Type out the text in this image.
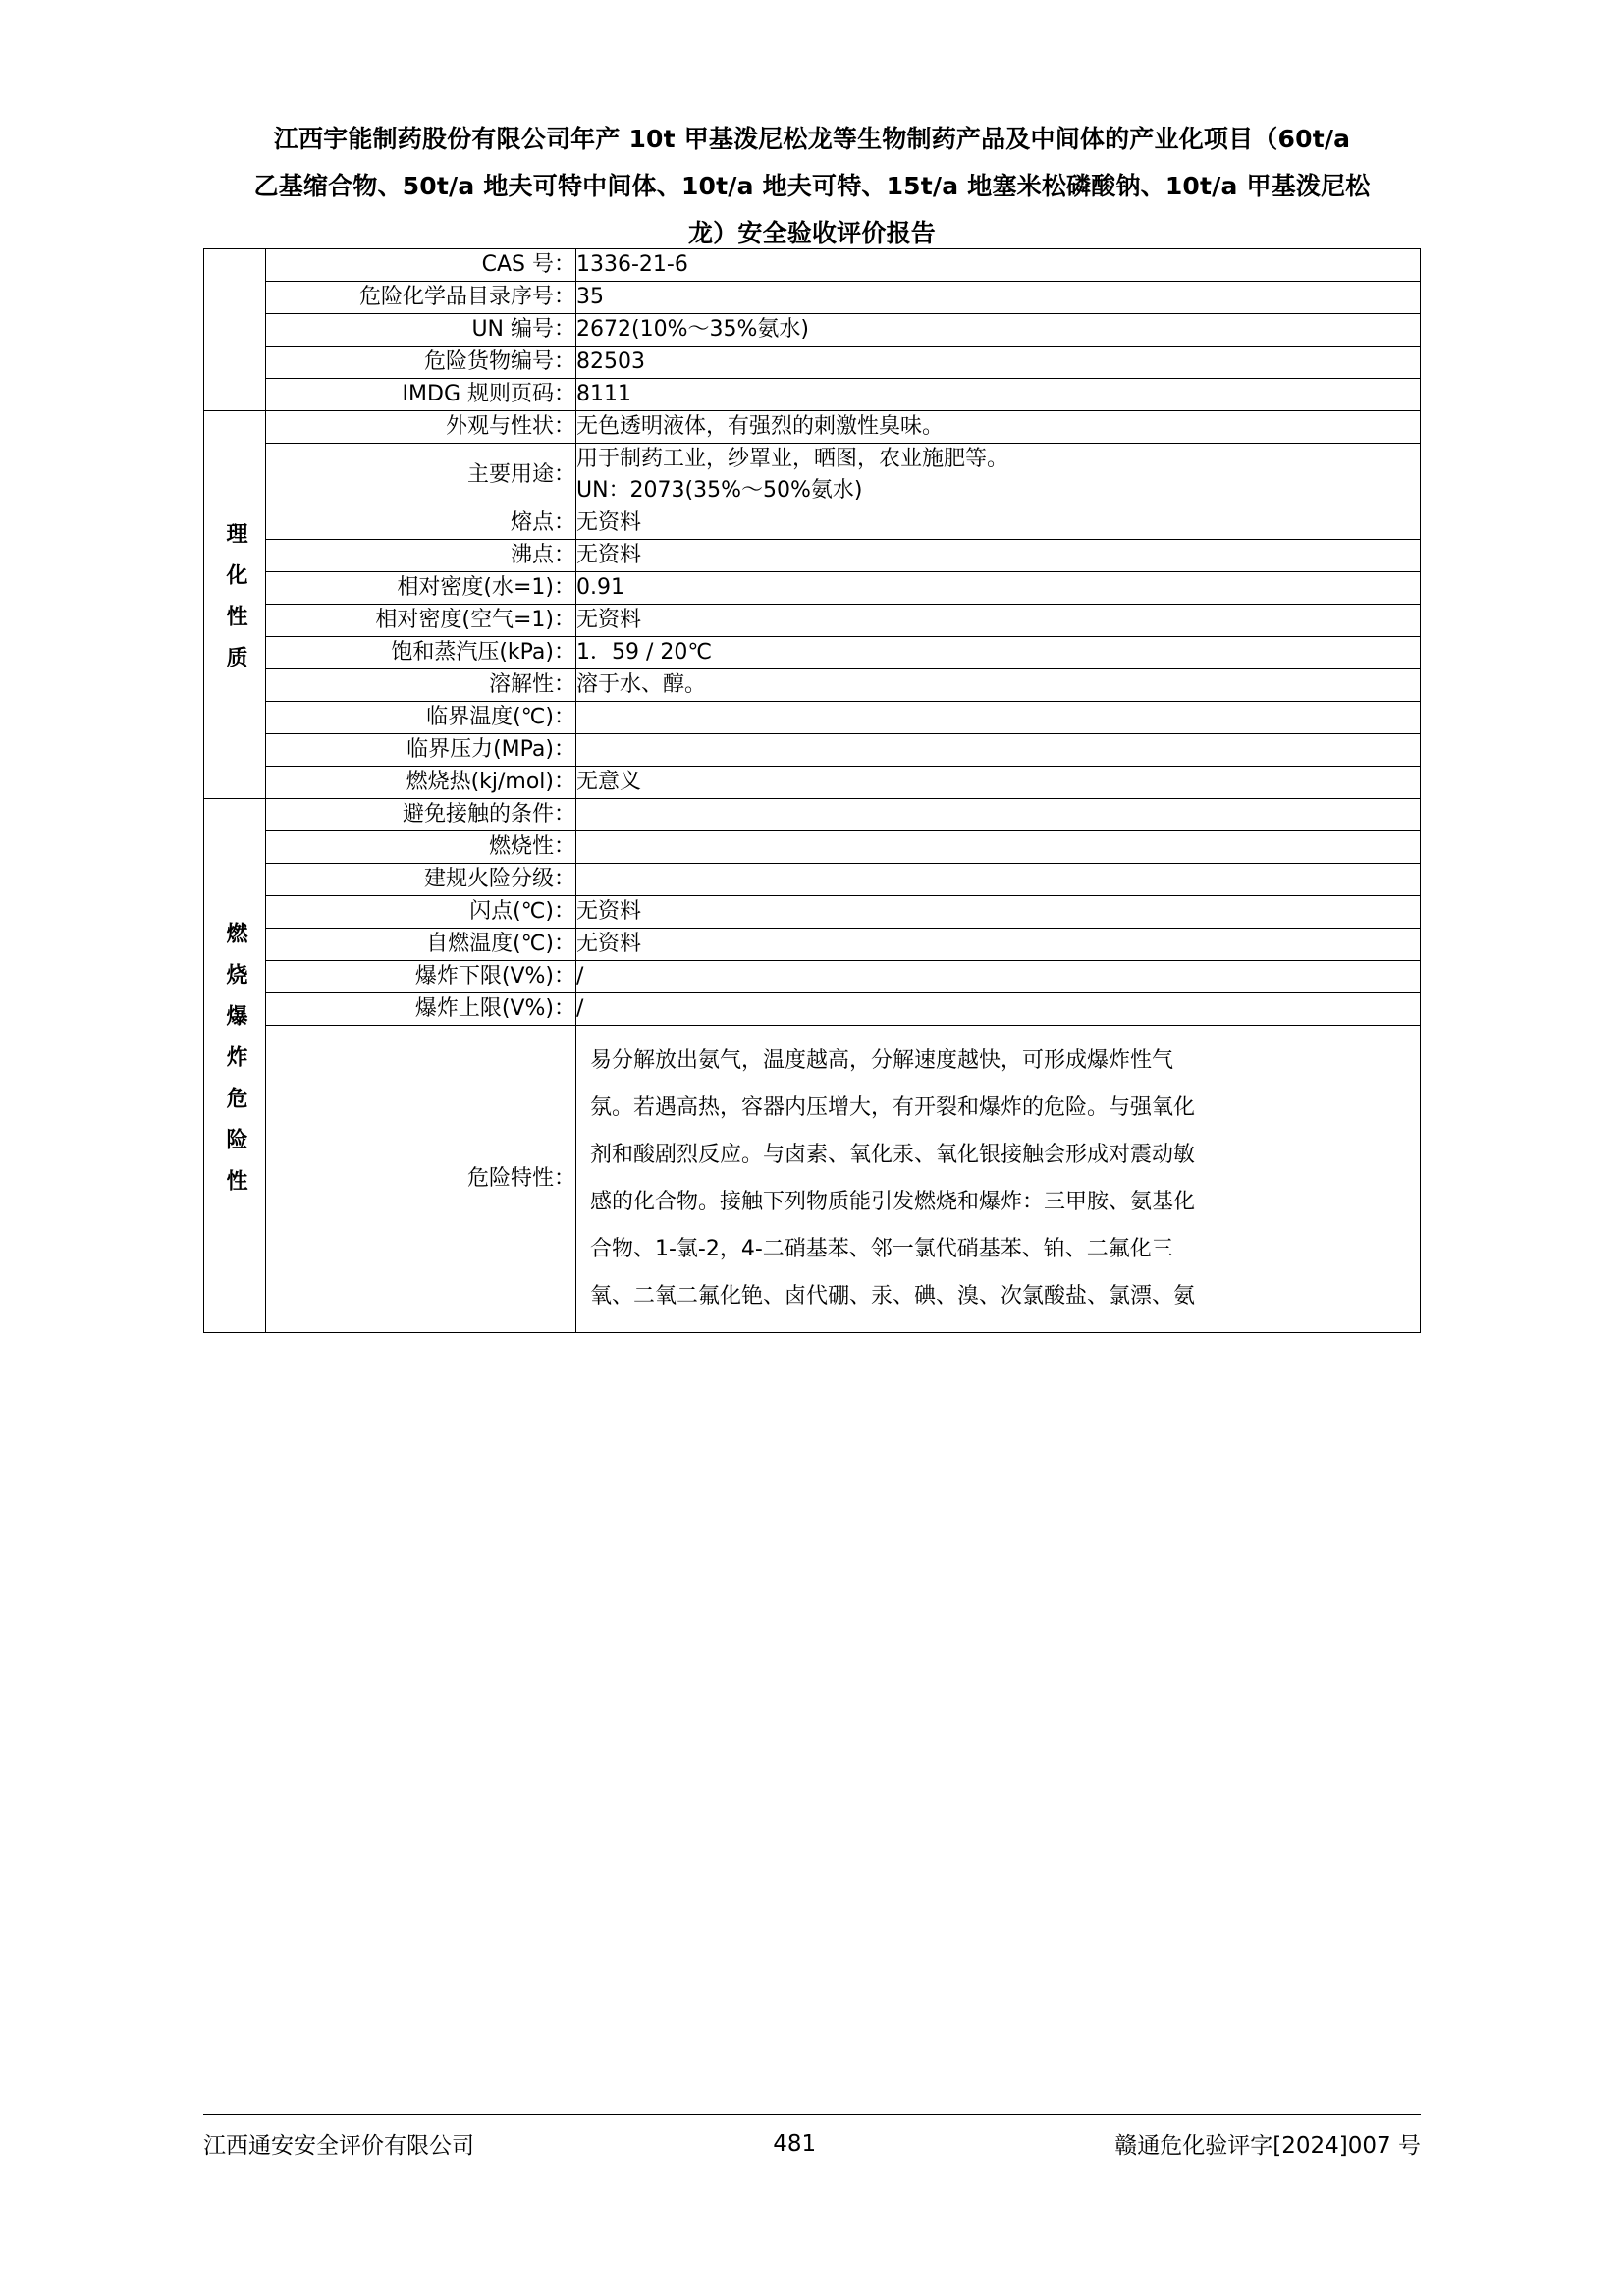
江西宇能制药股份有限公司年产 10t 甲基泼尼松龙等生物制药产品及中间体的产业化项目（60t/a
乙基缩合物、50t/a 地夫可特中间体、10t/a 地夫可特、15t/a 地塞米松磷酸钠、10t/a 甲基泼尼松
龙）安全验收评价报告
	CAS 号：	1336-21-6
	危险化学品目录序号：	35
	UN 编号：	2672(10%～35%氨水)
	危险货物编号：	82503
	IMDG 规则页码：	8111

理化性质	外观与性状：	无色透明液体，有强烈的刺激性臭味。
	主要用途：	用于制药工业，纱罩业，晒图，农业施肥等。
UN：2073(35%～50%氨水)

	熔点：	无资料
	沸点：	无资料
	相对密度(水=1)：	0.91
	相对密度(空气=1)：	无资料
	饱和蒸汽压(kPa)：	1．59 / 20℃
	溶解性：	溶于水、醇。
	临界温度(℃)：	
	临界压力(MPa)：	
	燃烧热(kj/mol)：	无意义

燃烧爆炸危险性	避免接触的条件：	
	燃烧性：	
	建规火险分级：	
	闪点(℃)：	无资料
	自燃温度(℃)：	无资料
	爆炸下限(V%)：	/
	爆炸上限(V%)：	/
危险特性：	
易分解放出氨气，温度越高，分解速度越快，可形成爆炸性气
氛。若遇高热，容器内压增大，有开裂和爆炸的危险。与强氧化
剂和酸剧烈反应。与卤素、氧化汞、氧化银接触会形成对震动敏
感的化合物。接触下列物质能引发燃烧和爆炸：三甲胺、氨基化
合物、1-氯-2，4-二硝基苯、邻一氯代硝基苯、铂、二氟化三
氧、二氧二氟化铯、卤代硼、汞、碘、溴、次氯酸盐、氯漂、氨
江西通安安全评价有限公司	481	赣通危化验评字[2024]007 号
